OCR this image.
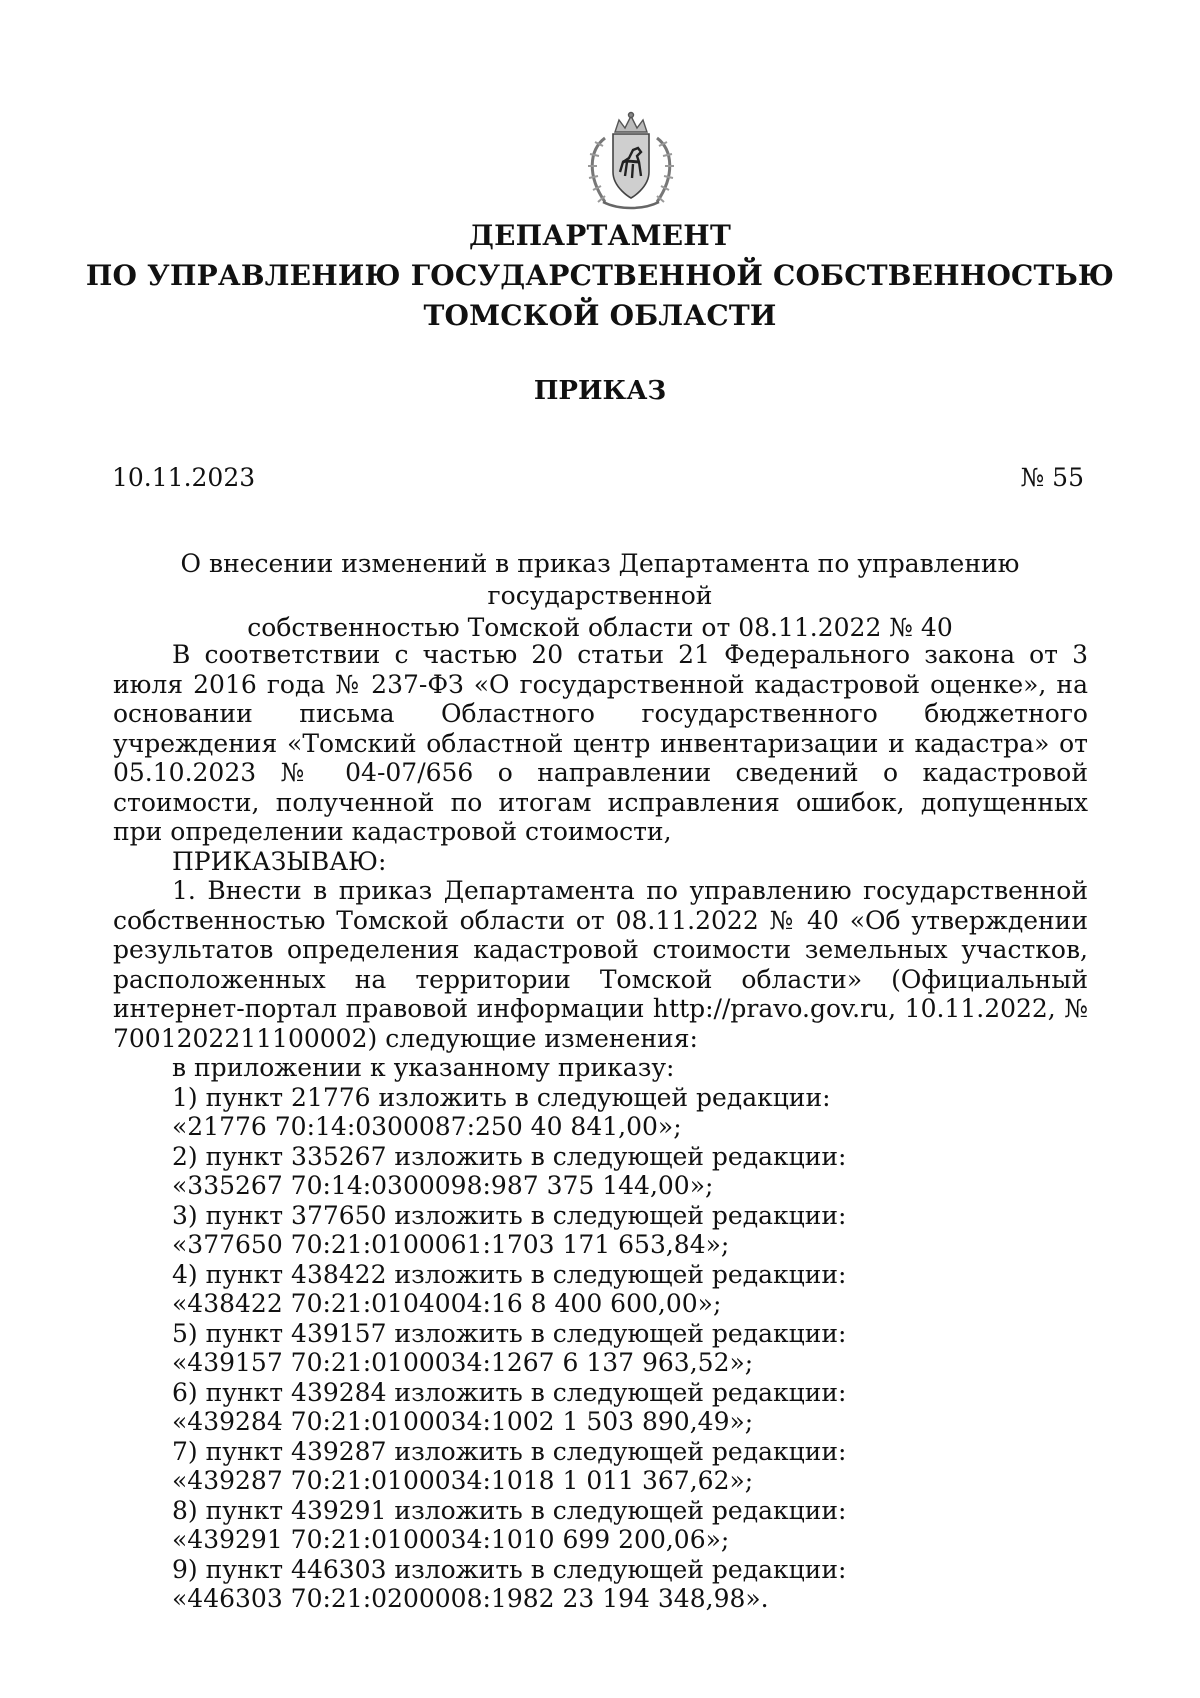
ДЕПАРТАМЕНТ
ПО УПРАВЛЕНИЮ ГОСУДАРСТВЕННОЙ СОБСТВЕННОСТЬЮ
ТОМСКОЙ ОБЛАСТИ
ПРИКАЗ
10.11.2023	№ 55
О внесении изменений в приказ Департамента по управлению государственной
собственностью Томской области от 08.11.2022 № 40

В соответствии с частью 20 статьи 21 Федерального закона от 3 июля 2016 года № 237-ФЗ «О государственной кадастровой оценке», на основании письма Областного государственного бюджетного учреждения «Томский областной центр инвентаризации и кадастра» от 05.10.2023 № 04-07/656 о направлении сведений о кадастровой стоимости, полученной по итогам исправления ошибок, допущенных при определении кадастровой стоимости,

ПРИКАЗЫВАЮ:

1. Внести в приказ Департамента по управлению государственной собственностью Томской области от 08.11.2022 № 40 «Об утверждении результатов определения кадастровой стоимости земельных участков, расположенных на территории Томской области» (Официальный интернет-портал правовой информации http://pravo.gov.ru, 10.11.2022, № 7001202211100002) следующие изменения:

в приложении к указанному приказу:

1) пункт 21776 изложить в следующей редакции:

«21776 70:14:0300087:250 40 841,00»;

2) пункт 335267 изложить в следующей редакции:

«335267 70:14:0300098:987 375 144,00»;

3) пункт 377650 изложить в следующей редакции:

«377650 70:21:0100061:1703 171 653,84»;

4) пункт 438422 изложить в следующей редакции:

«438422 70:21:0104004:16 8 400 600,00»;

5) пункт 439157 изложить в следующей редакции:

«439157 70:21:0100034:1267 6 137 963,52»;

6) пункт 439284 изложить в следующей редакции:

«439284 70:21:0100034:1002 1 503 890,49»;

7) пункт 439287 изложить в следующей редакции:

«439287 70:21:0100034:1018 1 011 367,62»;

8) пункт 439291 изложить в следующей редакции:

«439291 70:21:0100034:1010 699 200,06»;

9) пункт 446303 изложить в следующей редакции:

«446303 70:21:0200008:1982 23 194 348,98».
